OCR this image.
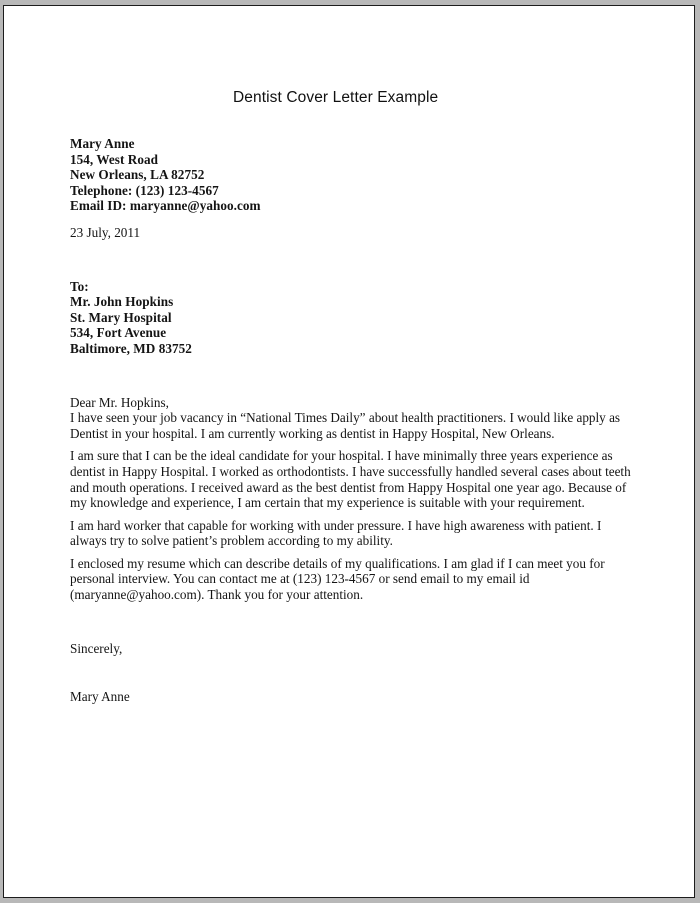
Dentist Cover Letter Example
Mary Anne
154, West Road
New Orleans, LA 82752
Telephone: (123) 123-4567
Email ID: maryanne@yahoo.com
23 July, 2011
To:
Mr. John Hopkins
St. Mary Hospital
534, Fort Avenue
Baltimore, MD 83752
Dear Mr. Hopkins,
I have seen your job vacancy in “National Times Daily” about health practitioners. I would like apply as Dentist in your hospital. I am currently working as dentist in Happy Hospital, New Orleans.
I am sure that I can be the ideal candidate for your hospital. I have minimally three years experience as dentist in Happy Hospital. I worked as orthodontists. I have successfully handled several cases about teeth and mouth operations. I received award as the best dentist from Happy Hospital one year ago. Because of my knowledge and experience, I am certain that my experience is suitable with your requirement.
I am hard worker that capable for working with under pressure. I have high awareness with patient. I always try to solve patient’s problem according to my ability.
I enclosed my resume which can describe details of my qualifications. I am glad if I can meet you for personal interview. You can contact me at (123) 123-4567 or send email to my email id (maryanne@yahoo.com). Thank you for your attention.
Sincerely,
Mary Anne
